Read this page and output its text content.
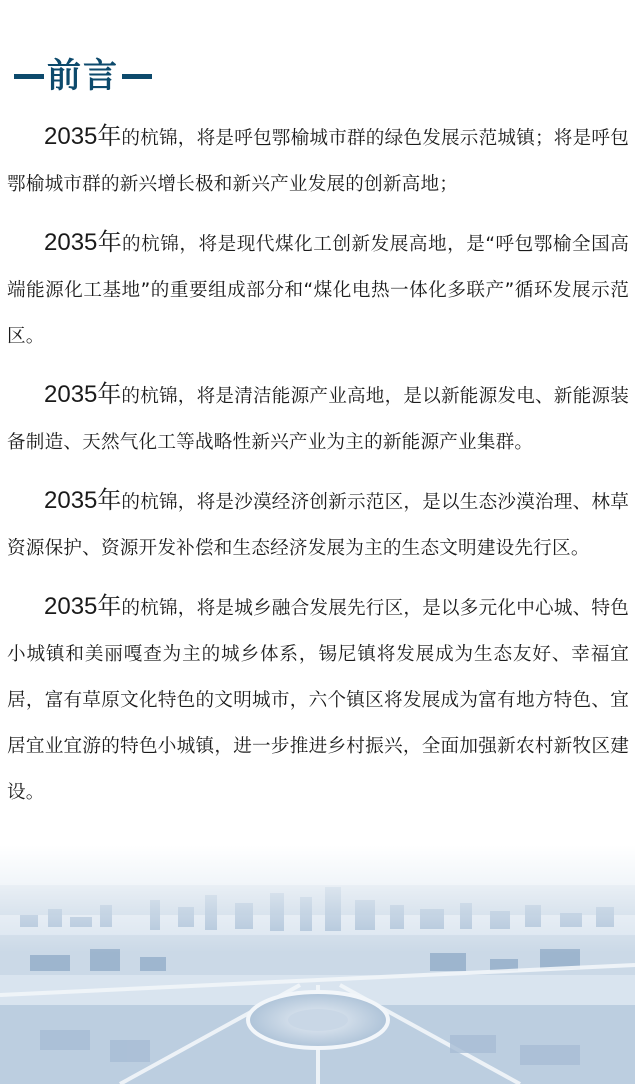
前言

2035年的杭锦，将是呼包鄂榆城市群的绿色发展示范城镇；将是呼包鄂榆城市群的新兴增长极和新兴产业发展的创新高地；

2035年的杭锦，将是现代煤化工创新发展高地，是“呼包鄂榆全国高端能源化工基地”的重要组成部分和“煤化电热一体化多联产”循环发展示范区。

2035年的杭锦，将是清洁能源产业高地，是以新能源发电、新能源装备制造、天然气化工等战略性新兴产业为主的新能源产业集群。

2035年的杭锦，将是沙漠经济创新示范区，是以生态沙漠治理、林草资源保护、资源开发补偿和生态经济发展为主的生态文明建设先行区。

2035年的杭锦，将是城乡融合发展先行区，是以多元化中心城、特色小城镇和美丽嘎查为主的城乡体系，锡尼镇将发展成为生态友好、幸福宜居，富有草原文化特色的文明城市，六个镇区将发展成为富有地方特色、宜居宜业宜游的特色小城镇，进一步推进乡村振兴，全面加强新农村新牧区建设。
